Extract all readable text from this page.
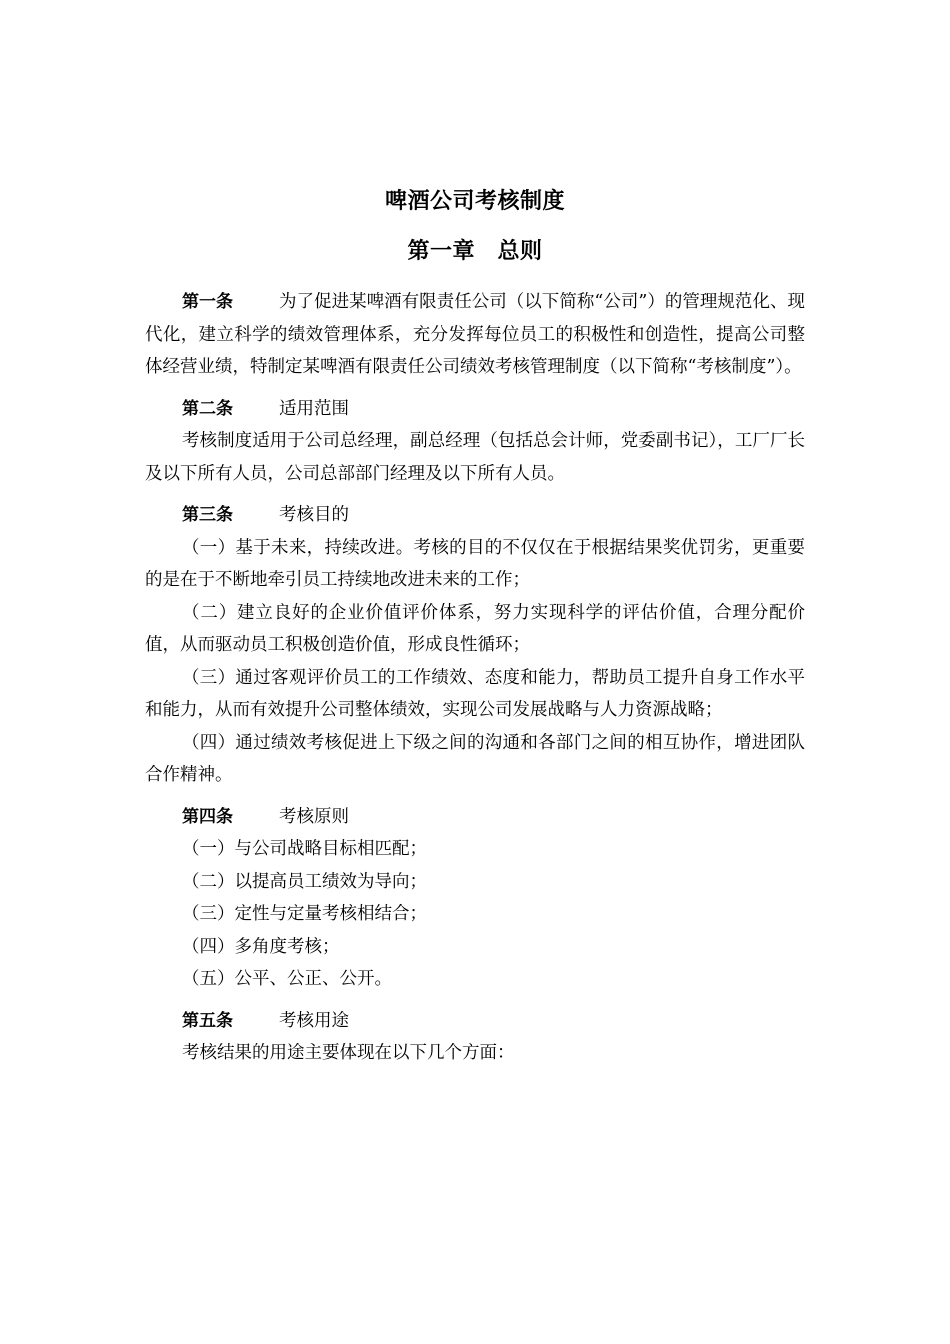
啤酒公司考核制度
第一章　总则

第一条	为了促进某啤酒有限责任公司（以下简称“公司”）的管理规范化、现代化，建立科学的绩效管理体系，充分发挥每位员工的积极性和创造性，提高公司整体经营业绩，特制定某啤酒有限责任公司绩效考核管理制度（以下简称“考核制度”）。

第二条	适用范围

考核制度适用于公司总经理，副总经理（包括总会计师，党委副书记），工厂厂长及以下所有人员，公司总部部门经理及以下所有人员。

第三条	考核目的

（一）基于未来，持续改进。考核的目的不仅仅在于根据结果奖优罚劣，更重要的是在于不断地牵引员工持续地改进未来的工作；

（二）建立良好的企业价值评价体系，努力实现科学的评估价值，合理分配价值，从而驱动员工积极创造价值，形成良性循环；

（三）通过客观评价员工的工作绩效、态度和能力，帮助员工提升自身工作水平和能力，从而有效提升公司整体绩效，实现公司发展战略与人力资源战略；

（四）通过绩效考核促进上下级之间的沟通和各部门之间的相互协作，增进团队合作精神。

第四条	考核原则

（一）与公司战略目标相匹配；

（二）以提高员工绩效为导向；

（三）定性与定量考核相结合；

（四）多角度考核；

（五）公平、公正、公开。

第五条	考核用途

考核结果的用途主要体现在以下几个方面：
